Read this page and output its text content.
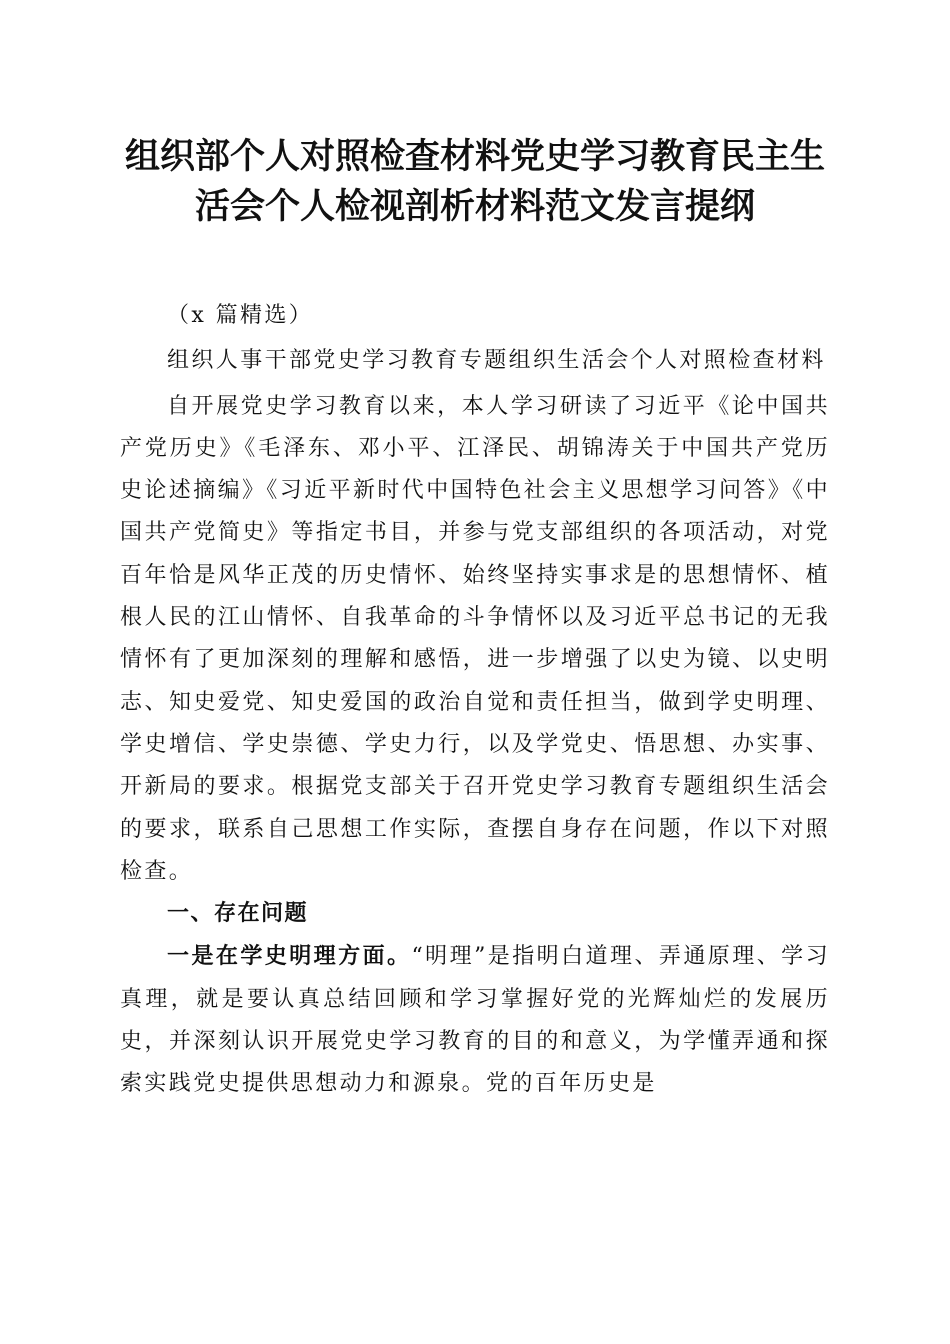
组织部个人对照检查材料党史学习教育民主生
活会个人检视剖析材料范文发言提纲

（x 篇精选）

组织人事干部党史学习教育专题组织生活会个人对照检查材料

自开展党史学习教育以来，本人学习研读了习近平《论中国共产党历史》《毛泽东、邓小平、江泽民、胡锦涛关于中国共产党历史论述摘编》《习近平新时代中国特色社会主义思想学习问答》《中国共产党简史》等指定书目，并参与党支部组织的各项活动，对党百年恰是风华正茂的历史情怀、始终坚持实事求是的思想情怀、植根人民的江山情怀、自我革命的斗争情怀以及习近平总书记的无我情怀有了更加深刻的理解和感悟，进一步增强了以史为镜、以史明志、知史爱党、知史爱国的政治自觉和责任担当，做到学史明理、学史增信、学史崇德、学史力行，以及学党史、悟思想、办实事、开新局的要求。根据党支部关于召开党史学习教育专题组织生活会的要求，联系自己思想工作实际，查摆自身存在问题，作以下对照检查。

一、存在问题

一是在学史明理方面。“明理”是指明白道理、弄通原理、学习真理，就是要认真总结回顾和学习掌握好党的光辉灿烂的发展历史，并深刻认识开展党史学习教育的目的和意义，为学懂弄通和探索实践党史提供思想动力和源泉。党的百年历史是
